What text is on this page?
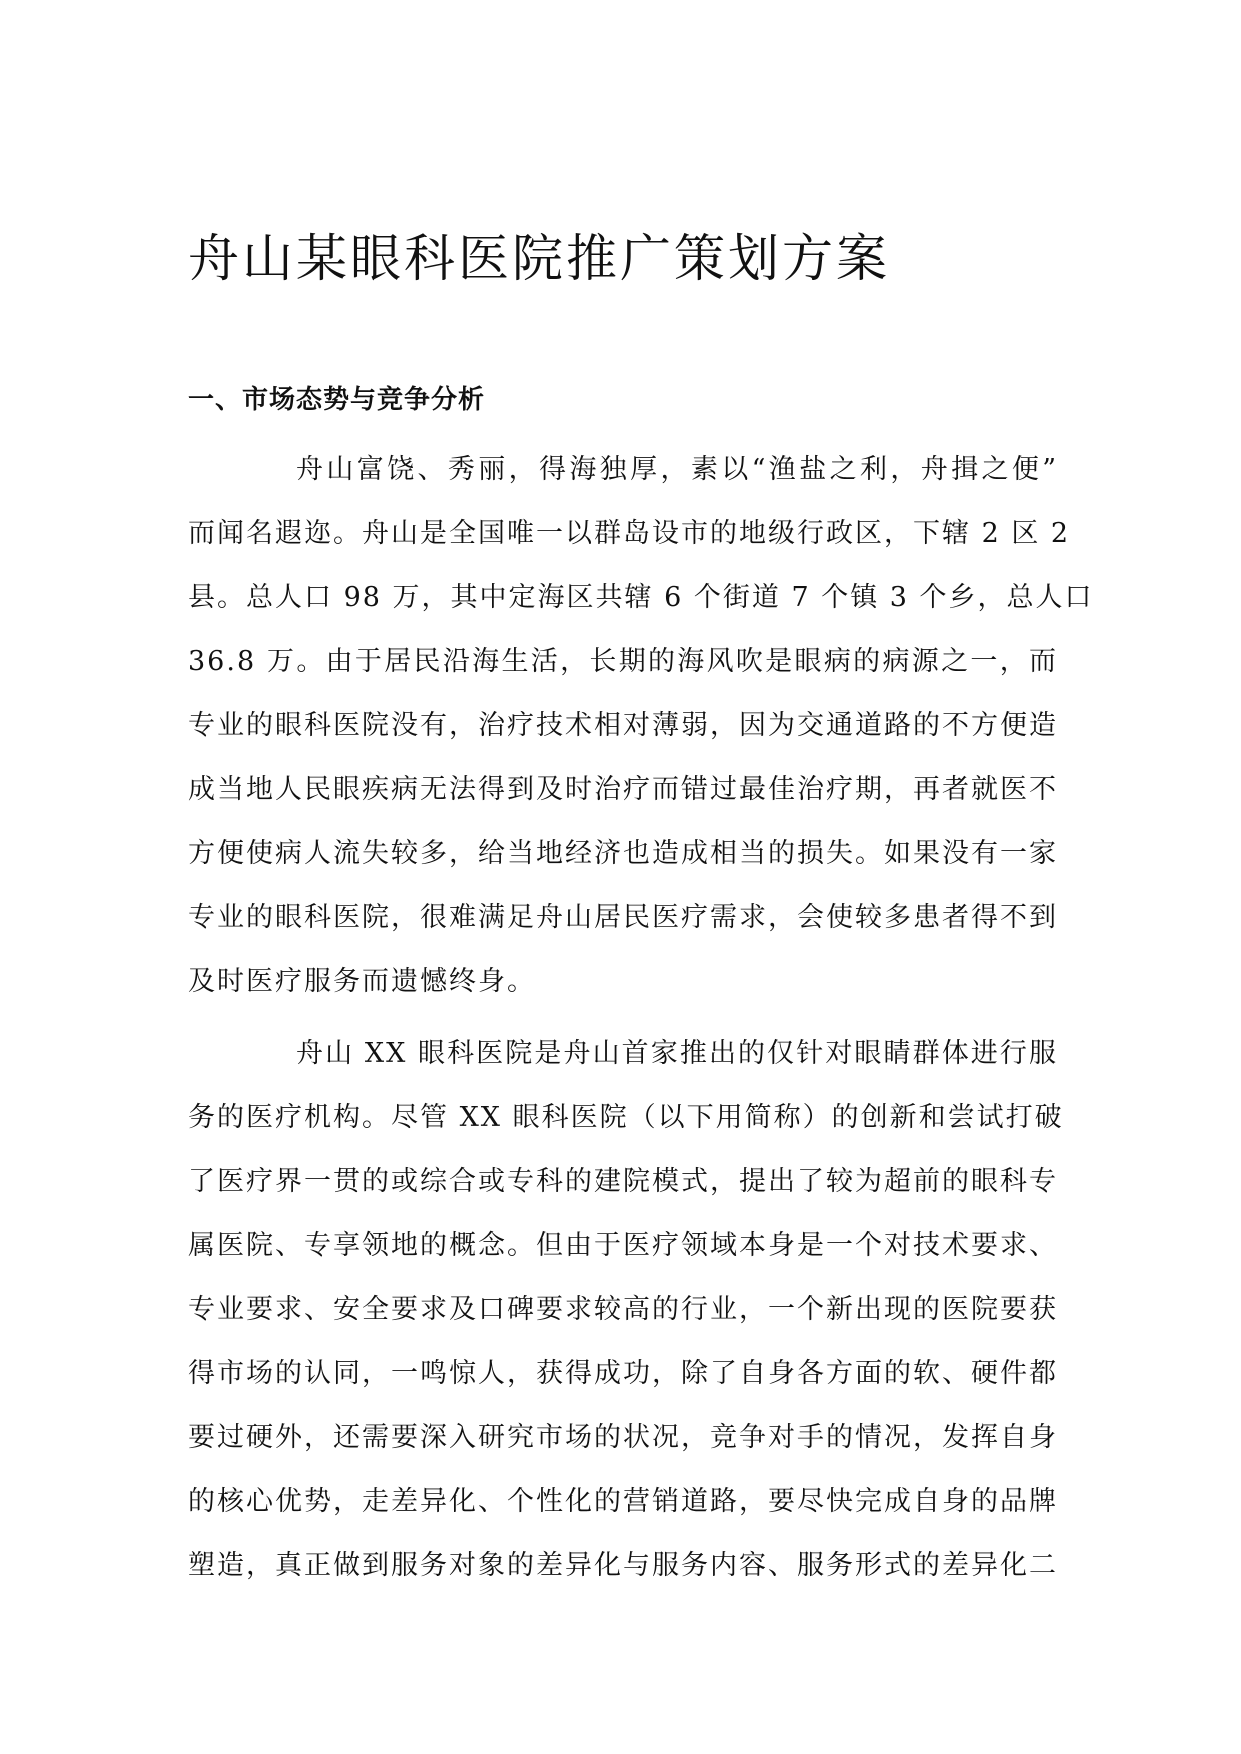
舟山某眼科医院推广策划方案
一、市场态势与竞争分析
舟山富饶、秀丽，得海独厚，素以“渔盐之利，舟揖之便”
而闻名遐迩。舟山是全国唯一以群岛设市的地级行政区，下辖 2 区 2
县。总人口 98 万，其中定海区共辖 6 个街道 7 个镇 3 个乡，总人口
36.8 万。由于居民沿海生活，长期的海风吹是眼病的病源之一，而
专业的眼科医院没有，治疗技术相对薄弱，因为交通道路的不方便造
成当地人民眼疾病无法得到及时治疗而错过最佳治疗期，再者就医不
方便使病人流失较多，给当地经济也造成相当的损失。如果没有一家
专业的眼科医院，很难满足舟山居民医疗需求，会使较多患者得不到
及时医疗服务而遗憾终身。
舟山 XX 眼科医院是舟山首家推出的仅针对眼睛群体进行服
务的医疗机构。尽管 XX 眼科医院（以下用简称）的创新和尝试打破
了医疗界一贯的或综合或专科的建院模式，提出了较为超前的眼科专
属医院、专享领地的概念。但由于医疗领域本身是一个对技术要求、
专业要求、安全要求及口碑要求较高的行业，一个新出现的医院要获
得市场的认同，一鸣惊人，获得成功，除了自身各方面的软、硬件都
要过硬外，还需要深入研究市场的状况，竞争对手的情况，发挥自身
的核心优势，走差异化、个性化的营销道路，要尽快完成自身的品牌
塑造，真正做到服务对象的差异化与服务内容、服务形式的差异化二
